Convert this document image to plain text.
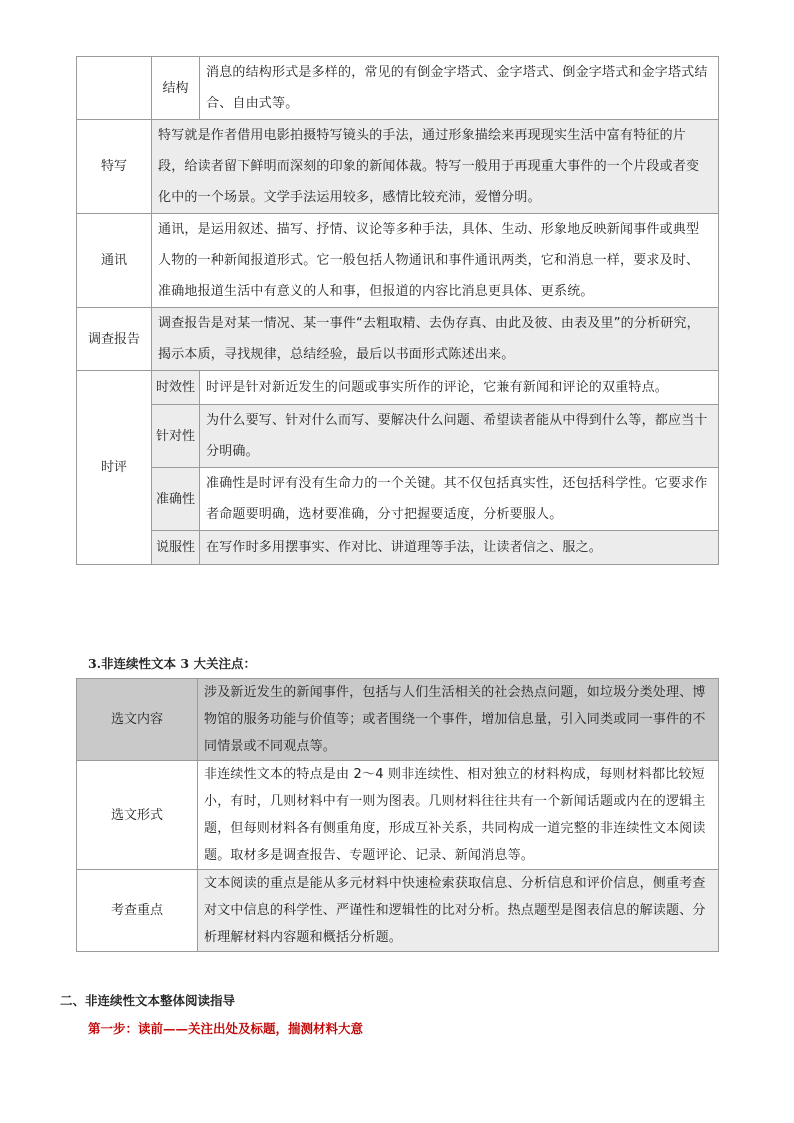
	结构	消息的结构形式是多样的，常见的有倒金字塔式、金字塔式、倒金字塔式和金字塔式结合、自由式等。
特写	特写就是作者借用电影拍摄特写镜头的手法，通过形象描绘来再现现实生活中富有特征的片段，给读者留下鲜明而深刻的印象的新闻体裁。特写一般用于再现重大事件的一个片段或者变化中的一个场景。文学手法运用较多，感情比较充沛，爱憎分明。	
通讯	通讯，是运用叙述、描写、抒情、议论等多种手法，具体、生动、形象地反映新闻事件或典型人物的一种新闻报道形式。它一般包括人物通讯和事件通讯两类，它和消息一样，要求及时、准确地报道生活中有意义的人和事，但报道的内容比消息更具体、更系统。	
调查报告	调查报告是对某一情况、某一事件“去粗取精、去伪存真、由此及彼、由表及里”的分析研究，揭示本质，寻找规律，总结经验，最后以书面形式陈述出来。	
时评	时效性	时评是针对新近发生的问题或事实所作的评论，它兼有新闻和评论的双重特点。
	针对性	为什么要写、针对什么而写、要解决什么问题、希望读者能从中得到什么等，都应当十分明确。
	准确性	准确性是时评有没有生命力的一个关键。其不仅包括真实性，还包括科学性。它要求作者命题要明确，选材要准确，分寸把握要适度，分析要服人。
	说服性	在写作时多用摆事实、作对比、讲道理等手法，让读者信之、服之。
3.非连续性文本 3 大关注点：
选文内容	涉及新近发生的新闻事件，包括与人们生活相关的社会热点问题，如垃圾分类处理、博物馆的服务功能与价值等；或者围绕一个事件，增加信息量，引入同类或同一事件的不同情景或不同观点等。
选文形式	非连续性文本的特点是由 2～4 则非连续性、相对独立的材料构成，每则材料都比较短小，有时，几则材料中有一则为图表。几则材料往往共有一个新闻话题或内在的逻辑主题，但每则材料各有侧重角度，形成互补关系，共同构成一道完整的非连续性文本阅读题。取材多是调查报告、专题评论、记录、新闻消息等。
考查重点	文本阅读的重点是能从多元材料中快速检索获取信息、分析信息和评价信息，侧重考查对文中信息的科学性、严谨性和逻辑性的比对分析。热点题型是图表信息的解读题、分析理解材料内容题和概括分析题。
二、非连续性文本整体阅读指导
第一步：读前——关注出处及标题，揣测材料大意
